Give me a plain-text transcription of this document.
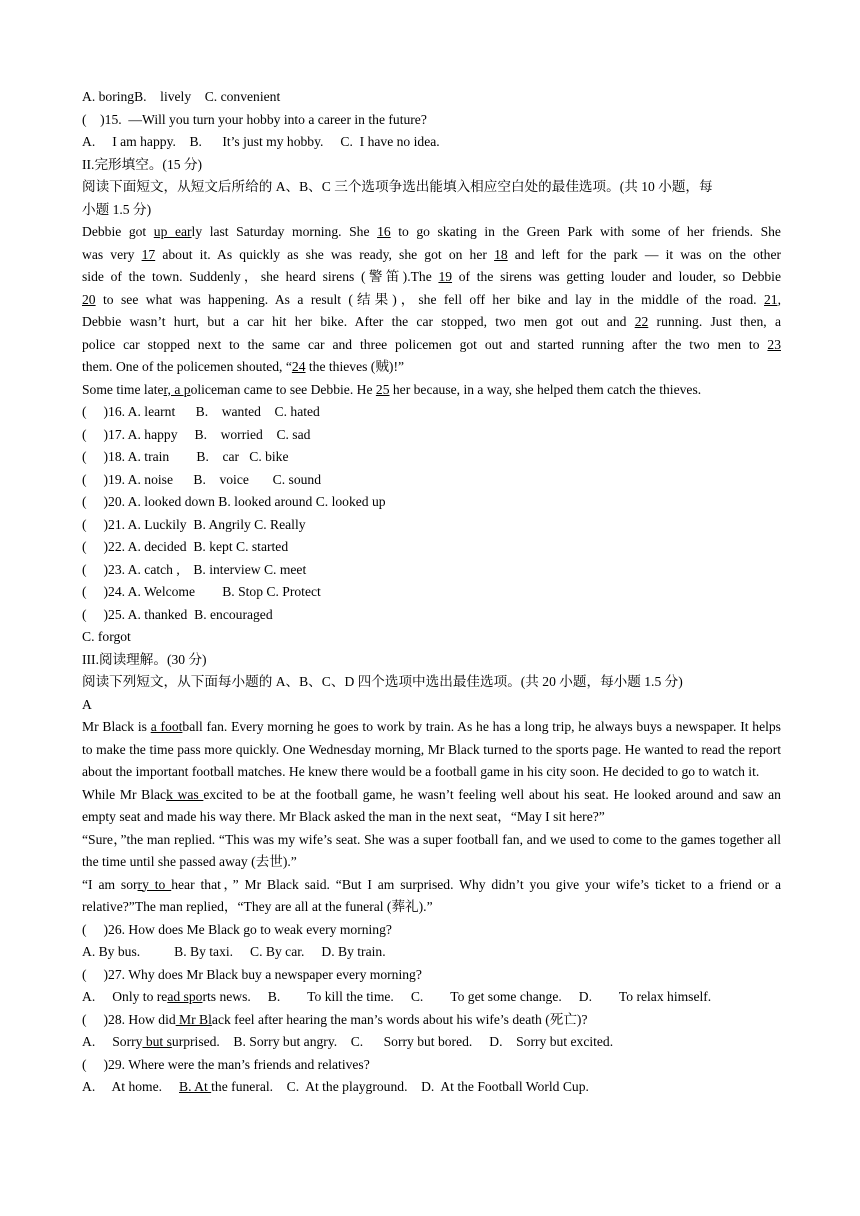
A. boringB.    lively    C. convenient
(    )15.  —Will you turn your hobby into a career in the future?
A.     I am happy.    B.      It’s just my hobby.     C.  I have no idea.
II.完形填空。(15 分)
阅读下面短文，从短文后所给的 A、B、C 三个选项争选出能填入相应空白处的最佳选项。(共 10 小题，每
小题 1.5 分)
Debbie got up early last Saturday morning. She 16 to go skating in the Green Park with some of her friends. She
was very 17 about it. As quickly as she was ready, she got on her 18 and left for the park — it was on the other
side of the town. Suddenly，she heard sirens (警笛).The 19 of the sirens was getting louder and louder, so Debbie
20 to see what was happening. As a result (结果)，she fell off her bike and lay in the middle of the road. 21,
Debbie wasn’t hurt, but a car hit her bike. After the car stopped, two men got out and 22 running. Just then, a
police car stopped next to the same car and three policemen got out and started running after the two men to 23
them. One of the policemen shouted, “24 the thieves (贼)!”
Some time later, a policeman came to see Debbie. He 25 her because, in a way, she helped them catch the thieves.
(     )16. A. learnt      B.    wanted    C. hated
(     )17. A. happy     B.    worried    C. sad
(     )18. A. train        B.    car   C. bike
(     )19. A. noise      B.    voice       C. sound
(     )20. A. looked down B. looked around C. looked up
(     )21. A. Luckily  B. Angrily C. Really
(     )22. A. decided  B. kept C. started
(     )23. A. catch ,    B. interview C. meet
(     )24. A. Welcome        B. Stop C. Protect
(     )25. A. thanked  B. encouraged
C. forgot
III.阅读理解。(30 分)
阅读下列短文，从下面每小题的 A、B、C、D 四个选项中选出最佳选项。(共 20 小题，每小题 1.5 分)
A
Mr Black is a football fan. Every morning he goes to work by train. As he has a long trip, he always buys a newspaper. It helps to make the time pass more quickly. One Wednesday morning, Mr Black turned to the sports page. He wanted to read the report about the important football matches. He knew there would be a football game in his city soon. He decided to go to watch it.
While Mr Black was excited to be at the football game, he wasn’t feeling well about his seat. He looked around and saw an empty seat and made his way there. Mr Black asked the man in the next seat，“May I sit here?”
“Sure，”the man replied. “This was my wife’s seat. She was a super football fan, and we used to come to the games together all the time until she passed away (去世).”
“I am sorry to hear that，” Mr Black said. “But I am surprised. Why didn’t you give your wife’s ticket to a friend or a relative?”The man replied，“They are all at the funeral (葬礼).”
(     )26. How does Me Black go to weak every morning?
A. By bus.          B. By taxi.     C. By car.     D. By train.
(     )27. Why does Mr Black buy a newspaper every morning?
A.     Only to read sports news.     B.        To kill the time.     C.        To get some change.     D.        To relax himself.
(     )28. How did Mr Black feel after hearing the man’s words about his wife’s death (死亡)?
A.     Sorry but surprised.    B. Sorry but angry.    C.      Sorry but bored.     D.    Sorry but excited.
(     )29. Where were the man’s friends and relatives?
A.     At home.     B. At the funeral.    C.  At the playground.    D.  At the Football World Cup.
